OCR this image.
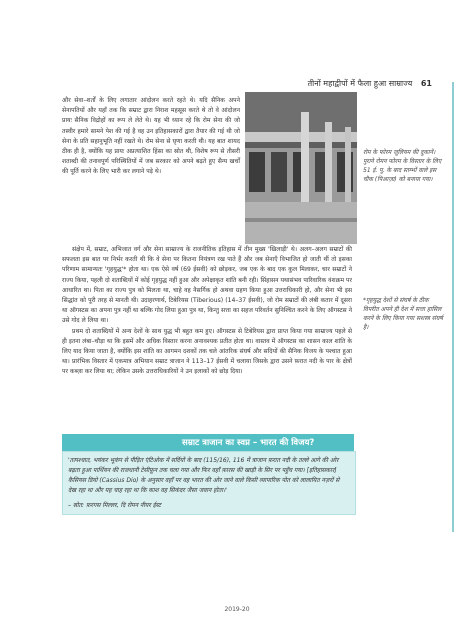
तीनों महाद्वीपों में फैला हुआ साम्राज्य 61

और सेवा–शर्तों के लिए लगातार आंदोलन करते रहते थे। यदि सैनिक अपने सेनापतियों और यहाँ तक कि सम्राट द्वारा निराश महसूस करते थे तो वे आंदोलन प्रायः सैनिक विद्रोहों का रूप ले लेते थे। यह भी ध्यान रहे कि रोम सेना की जो तस्वीर हमारे सामने पेश की गई है वह उन इतिहासकारों द्वारा तैयार की गई थी जो सेना के प्रति सहानुभूति नहीं रखते थे। रोम सेना से घृणा करती थी। यह बात शायद ठीक ही है, क्योंकि यह प्रायः अप्रत्याशित हिंसा का स्रोत थी, विशेष रूप से तीसरी शताब्दी की तनावपूर्ण परिस्थितियों में जब सरकार को अपने बढ़ते हुए सैन्य खर्चों की पूर्ति करने के लिए भारी कर लगाने पड़े थे।

रोम के फोरम जूलियम की दुकानें। पुराने रोमन फोरम के विस्तार के लिए 51 ई. पू. के बाद स्तम्भों वाले इस चौक (पिआज़ा) को बनाया गया।

संक्षेप में, सम्राट, अभिजात वर्ग और सेना साम्राज्य के राजनीतिक इतिहास में तीन मुख्य 'खिलाड़ी' थे। अलग–अलग सम्राटों की सफलता इस बात पर निर्भर करती थी कि वे सेना पर कितना नियंत्रण रख पाते हैं और जब सेनाएँ विभाजित हो जाती थीं तो इसका परिणाम सामान्यतः 'गृहयुद्ध'* होता था। एक ऐसे वर्ष (69 ईसवी) को छोड़कर, जब एक के बाद एक कुल मिलाकर, चार सम्राटों ने राज्य किया, पहली दो शताब्दियों में कोई गृहयुद्ध नहीं हुआ और अपेक्षाकृत शांति बनी रही। सिंहासन यथासंभव पारिवारिक वंशक्रम पर आधारित था। पिता का राज्य पुत्र को मिलता था, चाहे वह नैसर्गिक हो अथवा ग्रहण किया हुआ उत्तराधिकारी हो, और सेना भी इस सिद्धांत को पूरी तरह से मानती थी। उदाहरणार्थ, टिबेरियस (Tiberious) (14–37 ईसवी), जो रोम सम्राटों की लंबी कतार में दूसरा था ऑगस्टस का अपना पुत्र नहीं था बल्कि गोद लिया हुआ पुत्र था, किन्तु सत्ता का सहज परिवर्तन सुनिश्चित करने के लिए ऑगस्टस ने उसे गोद ले लिया था।

प्रथम दो शताब्दियों में अन्य देशों के साथ युद्ध भी बहुत कम हुए। ऑगस्टस से टिबेरियस द्वारा प्राप्त किया गया साम्राज्य पहले से ही इतना लंबा–चौड़ा था कि इसमें और अधिक विस्तार करना अनावश्यक प्रतीत होता था। वास्तव में ऑगस्टस का शासन काल शांति के लिए याद किया जाता है, क्योंकि इस शांति का आगमन दशकों तक चले आंतरिक संघर्ष और सदियों की सैनिक विजय के पश्चात हुआ था। प्रारंभिक विस्तार में एकमात्र अभियान सम्राट त्राजान ने 113–17 ईसवी में चलाया जिसके द्वारा उसने फ़रात नदी के पार के क्षेत्रों पर कब्ज़ा कर लिया था; लेकिन उसके उत्तराधिकारियों ने उन इलाकों को छोड़ दिया।

*गृहयुद्ध देशों से संघर्ष के ठीक विपरीत अपने ही देश में सत्ता हासिल करने के लिए किया गया सशस्त्र संघर्ष है।
सम्राट त्राजान का स्वप्न – भारत की विजय?
'तत्पश्चात, भयंकर भूकंप से पीड़ित एंटिओक में सर्दियों के बाद (115/16), 116 में त्राजान फ़रात नदी के तल्ले आगे की ओर बढ़ता हुआ पार्थियन की राजधानी टेसीफ़ून तक चला गया और फिर वहाँ फ़ारस की खाड़ी के सिर पर पहुँच गया। [इतिहासकार] कैसियस डियो (Cassius Dio) के अनुसार वहाँ पर वह भारत की ओर जाने वाले किसी व्यापारिक पोत को लालायित नज़रों से देख रहा था और यह चाह रहा था कि काश वह सिकंदर जैसा जवान होता।'
– स्रोत: फ़रगस मिल्लर, दि रोमन नीयर ईस्ट
2019-20
